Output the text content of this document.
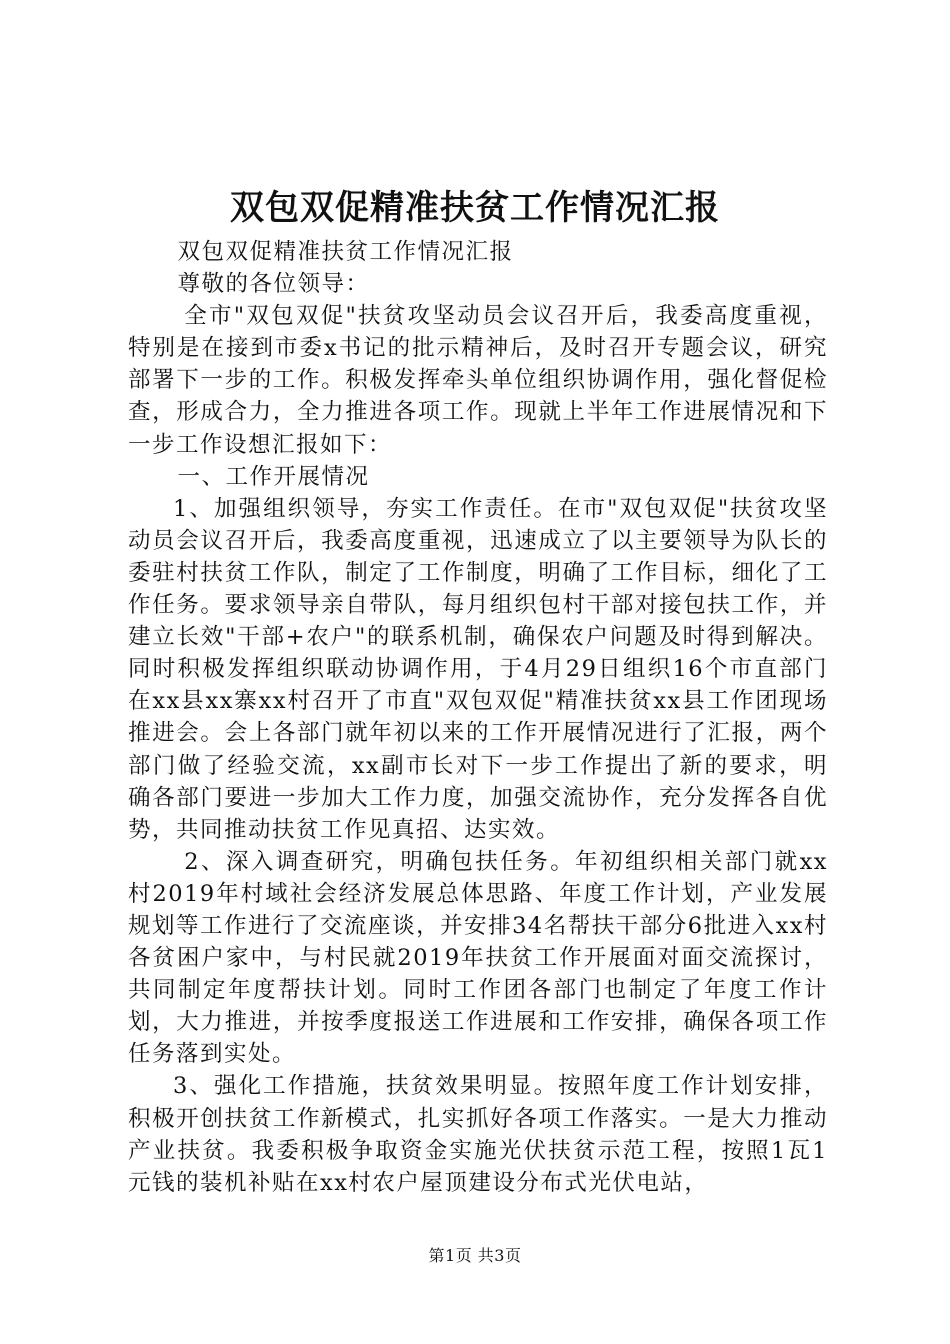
双包双促精准扶贫工作情况汇报

双包双促精准扶贫工作情况汇报

尊敬的各位领导：

全市"双包双促"扶贫攻坚动员会议召开后，我委高度重视，特别是在接到市委x书记的批示精神后，及时召开专题会议，研究部署下一步的工作。积极发挥牵头单位组织协调作用，强化督促检查，形成合力，全力推进各项工作。现就上半年工作进展情况和下一步工作设想汇报如下：

一、工作开展情况

1、加强组织领导，夯实工作责任。在市"双包双促"扶贫攻坚动员会议召开后，我委高度重视，迅速成立了以主要领导为队长的委驻村扶贫工作队，制定了工作制度，明确了工作目标，细化了工作任务。要求领导亲自带队，每月组织包村干部对接包扶工作，并建立长效"干部+农户"的联系机制，确保农户问题及时得到解决。同时积极发挥组织联动协调作用，于4月29日组织16个市直部门在xx县xx寨xx村召开了市直"双包双促"精准扶贫xx县工作团现场推进会。会上各部门就年初以来的工作开展情况进行了汇报，两个部门做了经验交流，xx副市长对下一步工作提出了新的要求，明确各部门要进一步加大工作力度，加强交流协作，充分发挥各自优势，共同推动扶贫工作见真招、达实效。

2、深入调查研究，明确包扶任务。年初组织相关部门就xx村2019年村域社会经济发展总体思路、年度工作计划，产业发展规划等工作进行了交流座谈，并安排34名帮扶干部分6批进入xx村各贫困户家中，与村民就2019年扶贫工作开展面对面交流探讨，共同制定年度帮扶计划。同时工作团各部门也制定了年度工作计划，大力推进，并按季度报送工作进展和工作安排，确保各项工作任务落到实处。

3、强化工作措施，扶贫效果明显。按照年度工作计划安排，积极开创扶贫工作新模式，扎实抓好各项工作落实。一是大力推动产业扶贫。我委积极争取资金实施光伏扶贫示范工程，按照1瓦1元钱的装机补贴在xx村农户屋顶建设分布式光伏电站，

第1页 共3页
